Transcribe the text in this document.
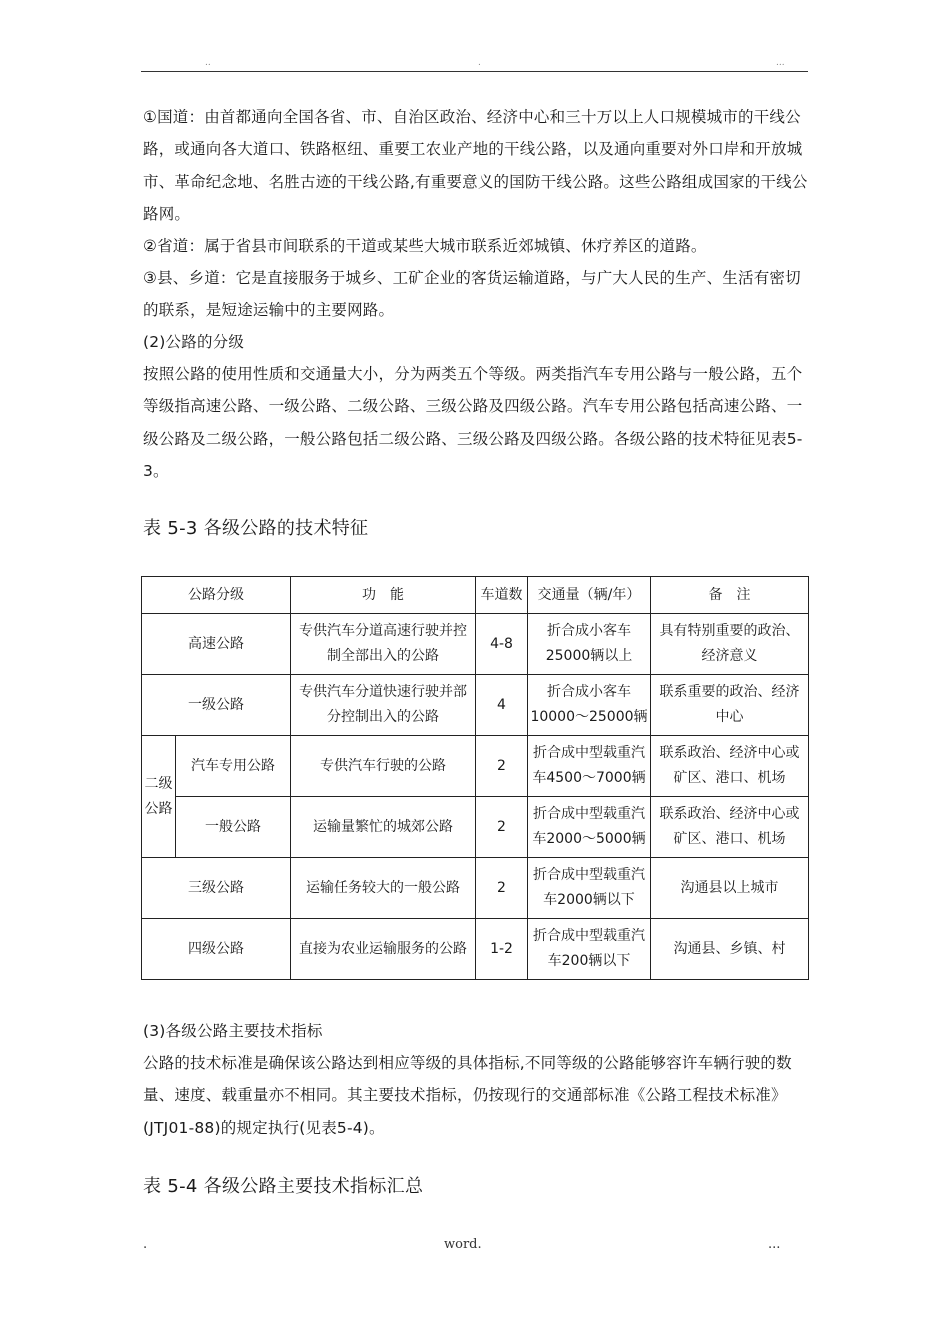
..	.	...

①国道：由首都通向全国各省、市、自治区政治、经济中心和三十万以上人口规模城市的干线公路，或通向各大道口、铁路枢纽、重要工农业产地的干线公路，以及通向重要对外口岸和开放城市、革命纪念地、名胜古迹的干线公路,有重要意义的国防干线公路。这些公路组成国家的干线公路网。

②省道：属于省县市间联系的干道或某些大城市联系近郊城镇、休疗养区的道路。

③县、乡道：它是直接服务于城乡、工矿企业的客货运输道路，与广大人民的生产、生活有密切的联系，是短途运输中的主要网路。

(2)公路的分级

按照公路的使用性质和交通量大小，分为两类五个等级。两类指汽车专用公路与一般公路，五个等级指高速公路、一级公路、二级公路、三级公路及四级公路。汽车专用公路包括高速公路、一级公路及二级公路，一般公路包括二级公路、三级公路及四级公路。各级公路的技术特征见表5-3。

表 5-3 各级公路的技术特征

公路分级		功　能	车道数	交通量（辆/年）	备　注
高速公路		专供汽车分道高速行驶并控制全部出入的公路	4-8	折合成小客车25000辆以上	具有特别重要的政治、经济意义
一级公路		专供汽车分道快速行驶并部分控制出入的公路	4	折合成小客车10000～25000辆	联系重要的政治、经济中心
二级公路	汽车专用公路	专供汽车行驶的公路	2	折合成中型载重汽车4500～7000辆	联系政治、经济中心或矿区、港口、机场
	一般公路	运输量繁忙的城郊公路	2	折合成中型载重汽车2000～5000辆	联系政治、经济中心或矿区、港口、机场
三级公路		运输任务较大的一般公路	2	折合成中型载重汽车2000辆以下	沟通县以上城市
四级公路		直接为农业运输服务的公路	1-2	折合成中型载重汽车200辆以下	沟通县、乡镇、村

(3)各级公路主要技术指标

公路的技术标准是确保该公路达到相应等级的具体指标,不同等级的公路能够容许车辆行驶的数量、速度、载重量亦不相同。其主要技术指标，仍按现行的交通部标准《公路工程技术标准》(JTJ01-88)的规定执行(见表5-4)。

表 5-4 各级公路主要技术指标汇总

.	word.	...
